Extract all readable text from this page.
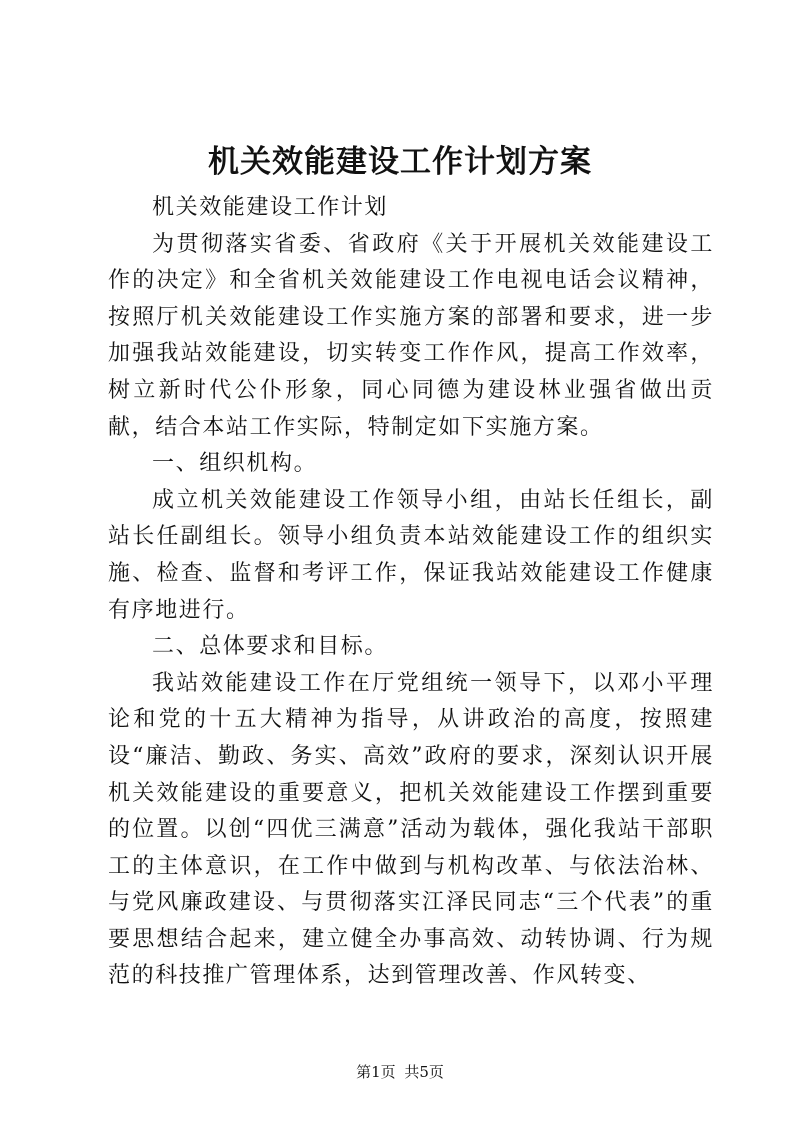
机关效能建设工作计划方案

机关效能建设工作计划

为贯彻落实省委、省政府《关于开展机关效能建设工作的决定》和全省机关效能建设工作电视电话会议精神，按照厅机关效能建设工作实施方案的部署和要求，进一步加强我站效能建设，切实转变工作作风，提高工作效率，树立新时代公仆形象，同心同德为建设林业强省做出贡献，结合本站工作实际，特制定如下实施方案。

一、组织机构。

成立机关效能建设工作领导小组，由站长任组长，副站长任副组长。领导小组负责本站效能建设工作的组织实施、检查、监督和考评工作，保证我站效能建设工作健康有序地进行。

二、总体要求和目标。

我站效能建设工作在厅党组统一领导下，以邓小平理论和党的十五大精神为指导，从讲政治的高度，按照建设“廉洁、勤政、务实、高效”政府的要求，深刻认识开展机关效能建设的重要意义，把机关效能建设工作摆到重要的位置。以创“四优三满意”活动为载体，强化我站干部职工的主体意识，在工作中做到与机构改革、与依法治林、与党风廉政建设、与贯彻落实江泽民同志“三个代表”的重要思想结合起来，建立健全办事高效、动转协调、行为规范的科技推广管理体系，达到管理改善、作风转变、

第1页 共5页
